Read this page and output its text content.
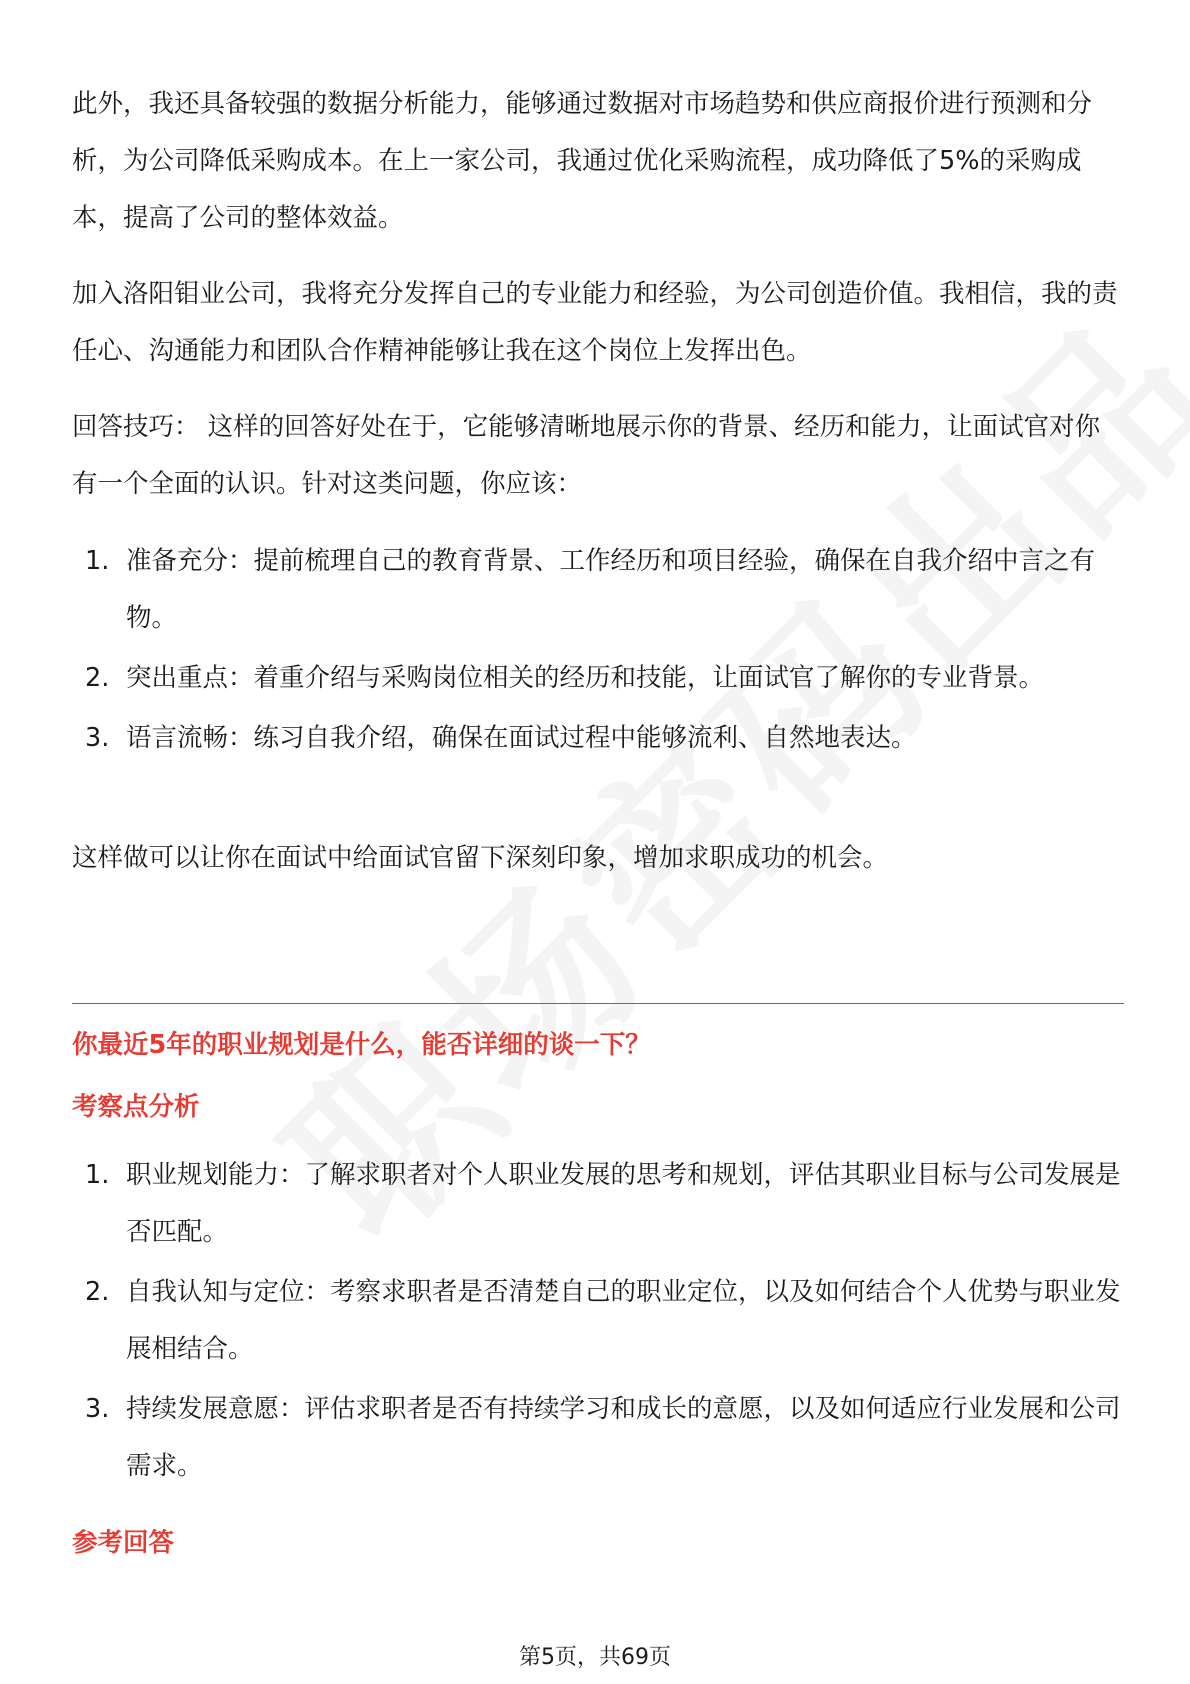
此外，我还具备较强的数据分析能力，能够通过数据对市场趋势和供应商报价进行预测和分析，为公司降低采购成本。在上一家公司，我通过优化采购流程，成功降低了5%的采购成本，提高了公司的整体效益。

加入洛阳钼业公司，我将充分发挥自己的专业能力和经验，为公司创造价值。我相信，我的责任心、沟通能力和团队合作精神能够让我在这个岗位上发挥出色。

回答技巧： 这样的回答好处在于，它能够清晰地展示你的背景、经历和能力，让面试官对你有一个全面的认识。针对这类问题，你应该：

1. 准备充分：提前梳理自己的教育背景、工作经历和项目经验，确保在自我介绍中言之有物。
2. 突出重点：着重介绍与采购岗位相关的经历和技能，让面试官了解你的专业背景。
3. 语言流畅：练习自我介绍，确保在面试过程中能够流利、自然地表达。

这样做可以让你在面试中给面试官留下深刻印象，增加求职成功的机会。

你最近5年的职业规划是什么，能否详细的谈一下？
考察点分析
1. 职业规划能力：了解求职者对个人职业发展的思考和规划，评估其职业目标与公司发展是否匹配。
2. 自我认知与定位：考察求职者是否清楚自己的职业定位，以及如何结合个人优势与职业发展相结合。
3. 持续发展意愿：评估求职者是否有持续学习和成长的意愿，以及如何适应行业发展和公司需求。
参考回答
第5页，共69页
